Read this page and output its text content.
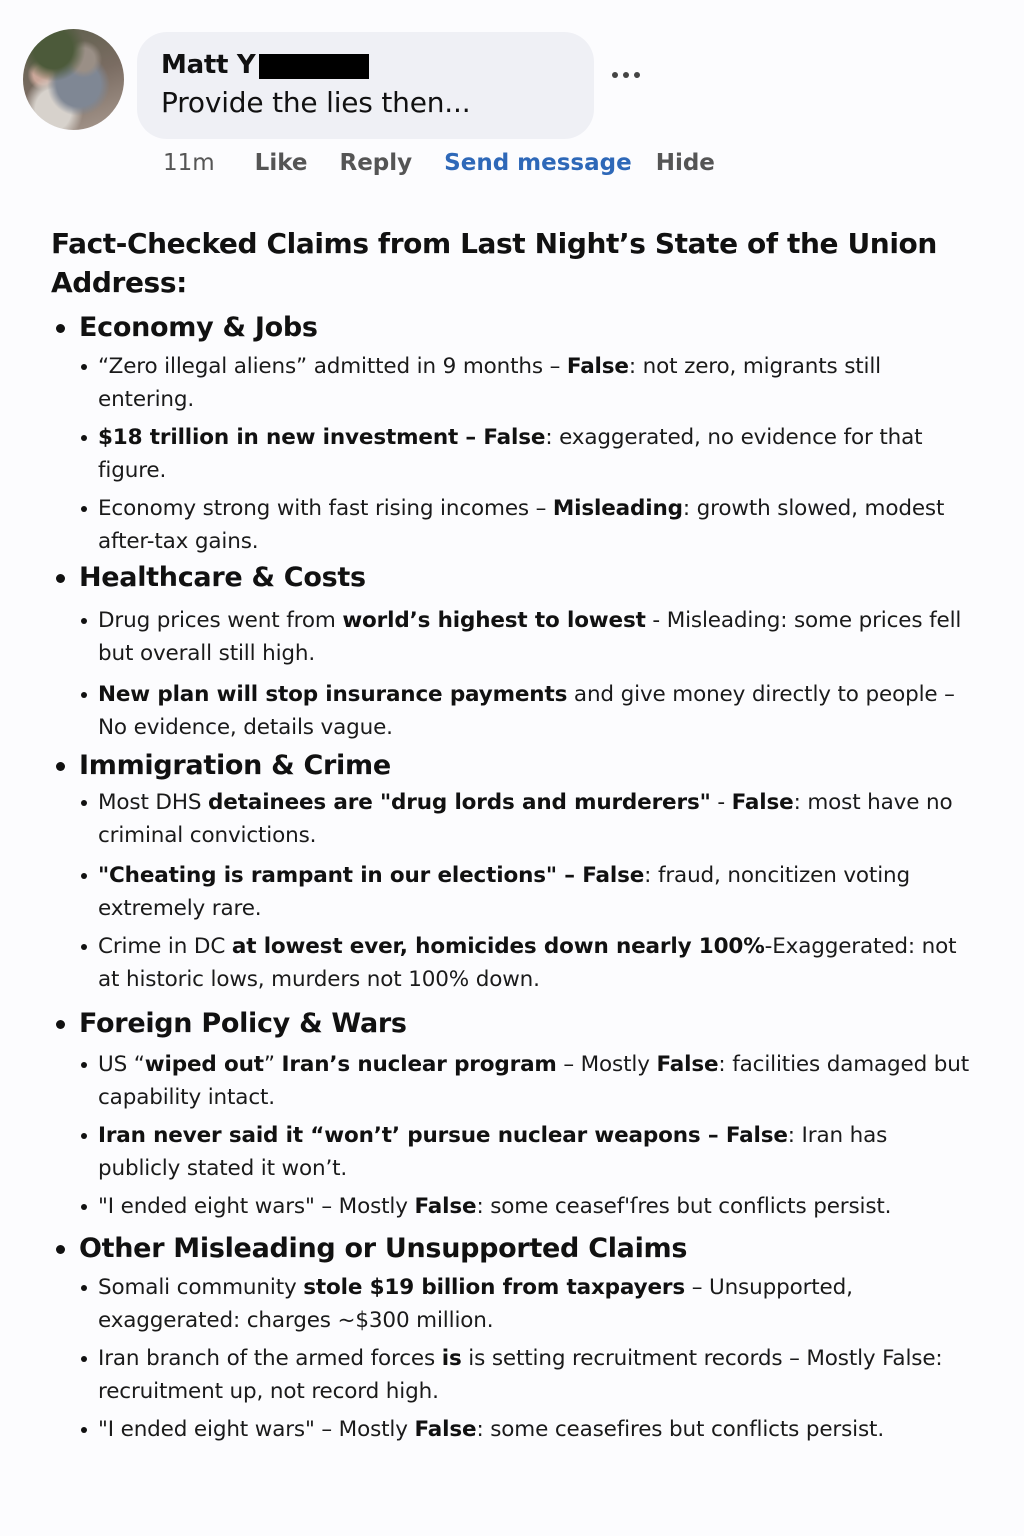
Matt Y
Provide the lies then...
11m Like Reply Send message Hide
Fact-Checked Claims from Last Night’s State of the Union Address:
Economy & Jobs
“Zero illegal aliens” admitted in 9 months – False: not zero, migrants still entering.
$18 trillion in new investment – False: exaggerated, no evidence for that figure.
Economy strong with fast rising incomes – Misleading: growth slowed, modest after-tax gains.
Healthcare & Costs
Drug prices went from world’s highest to lowest - Misleading: some prices fell but overall still high.
New plan will stop insurance payments and give money directly to people – No evidence, details vague.
Immigration & Crime
Most DHS detainees are "drug lords and murderers" - False: most have no criminal convictions.
"Cheating is rampant in our elections" – False: fraud, noncitizen voting extremely rare.
Crime in DC at lowest ever, homicides down nearly 100%-Exaggerated: not at historic lows, murders not 100% down.
Foreign Policy & Wars
US “wiped out” Iran’s nuclear program – Mostly False: facilities damaged but capability intact.
Iran never said it “won’t’ pursue nuclear weapons – False: Iran has publicly stated it won’t.
"I ended eight wars" – Mostly False: some ceasef'ſres but conflicts persist.
Other Misleading or Unsupported Claims
Somali community stole $19 billion from taxpayers – Unsupported, exaggerated: charges ~$300 million.
Iran branch of the armed forces is is setting recruitment records – Mostly False: recruitment up, not record high.
"I ended eight wars" – Mostly False: some ceasefires but conflicts persist.
